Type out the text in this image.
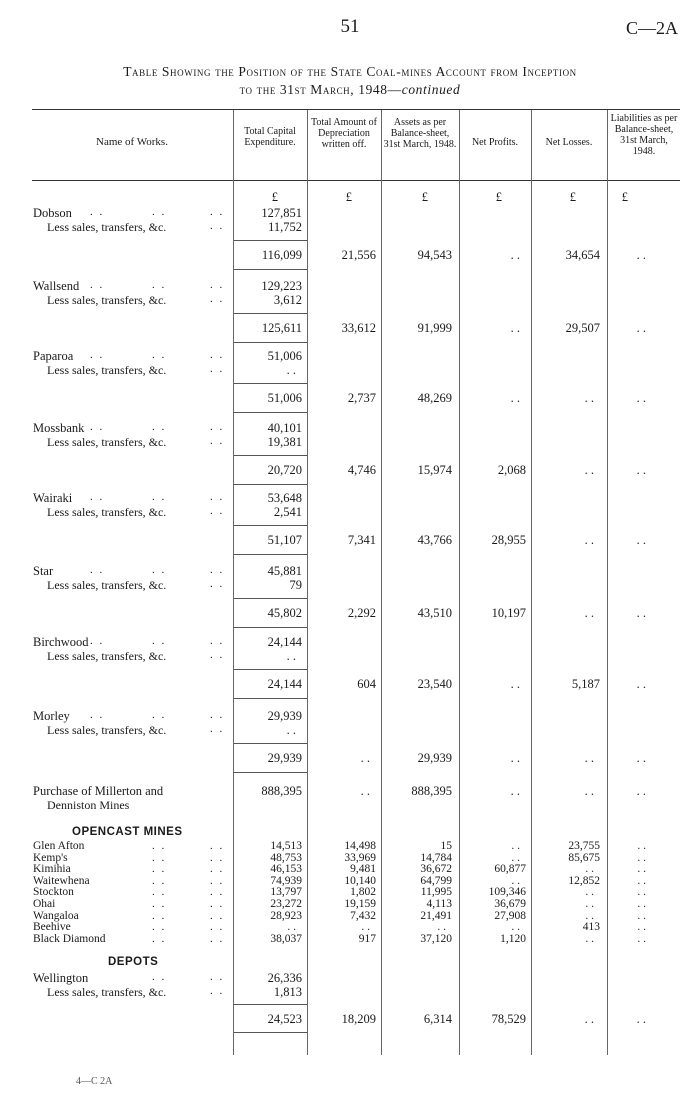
51	C—2A
Table Showing the Position of the State Coal-mines Account from Inception
to the 31st March, 1948—continued
Name of Works.
Total Capital Expenditure.
Total Amount of Depreciation written off.
Assets as per Balance-sheet, 31st March, 1948.	Net Profits.	Net Losses.
Liabilities as per Balance-sheet, 31st March, 1948.
£	£	£	£	£	£
Dobson . .	. .	. .	127,851
Less sales, transfers, &c.	. .	11,752
116,099	21,556	94,543	. .	34,654	. .
Wallsend . .	. .	. .	129,223
Less sales, transfers, &c.	. .	3,612
125,611	33,612	91,999	. .	29,507	. .
Paparoa . .	. .	. .	51,006
Less sales, transfers, &c.	. .	. .
51,006	2,737	48,269	. .	. .	. .
Mossbank . .	. .	. .	40,101
Less sales, transfers, &c.	. .	19,381
20,720	4,746	15,974	2,068	. .	. .
Wairaki . .	. .	. .	53,648
Less sales, transfers, &c.	. .	2,541
51,107	7,341	43,766	28,955	. .	. .
Star	. .	. .	. .	45,881
Less sales, transfers, &c.	. .	79
45,802	2,292	43,510	10,197	. .	. .
Birchwood . .	. .	. .	24,144
Less sales, transfers, &c.	. .	. .
24,144	604	23,540	. .	5,187	. .
Morley . .	. .	. .	29,939
Less sales, transfers, &c.	. .	. .
29,939	. .	29,939	. .	. .	. .
Purchase of Millerton and
Denniston Mines
888,395	. .	888,395	. .	. .	. .
OPENCAST MINES
Glen Afton	. .	. .	14,513	14,498	15	. .	23,755	. .
Kemp's	. .	. .	48,753	33,969	14,784	. .	85,675	. .
Kimihia	. .	. .	46,153	9,481	36,672	60,877	. .	. .
Waitewhena	. .	. .	74,939	10,140	64,799	. .	12,852	. .
Stockton	. .	. .	13,797	1,802	11,995	109,346	. .	. .
Ohai	. .	. .	23,272	19,159	4,113	36,679	. .	. .
Wangaloa	. .	. .	28,923	7,432	21,491	27,908	. .	. .
Beehive	. .	. .	. .	. .	. .	. .	413	. .
Black Diamond	. .	. .	38,037	917	37,120	1,120	. .	. .
DEPOTS
Wellington	. .	. .	26,336
Less sales, transfers, &c.	. .	1,813
24,523	18,209	6,314	78,529	. .	. .
4—C 2A
